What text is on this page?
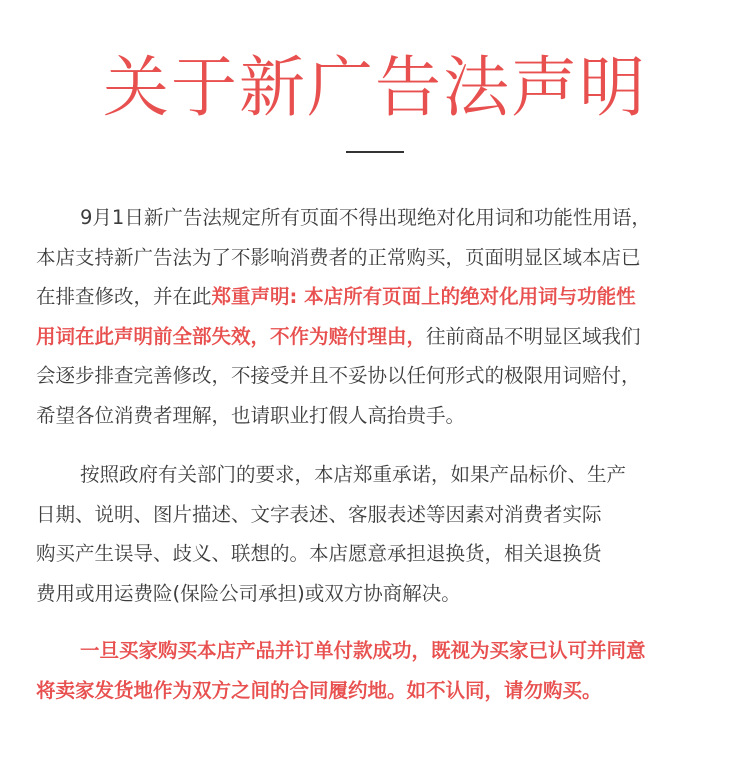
关于新广告法声明
9月1日新广告法规定所有页面不得出现绝对化用词和功能性用语，
本店支持新广告法为了不影响消费者的正常购买，页面明显区域本店已
在排查修改，并在此郑重声明: 本店所有页面上的绝对化用词与功能性
用词在此声明前全部失效，不作为赔付理由，往前商品不明显区域我们
会逐步排查完善修改，不接受并且不妥协以任何形式的极限用词赔付，
希望各位消费者理解，也请职业打假人高抬贵手。
按照政府有关部门的要求，本店郑重承诺，如果产品标价、生产
日期、说明、图片描述、文字表述、客服表述等因素对消费者实际
购买产生误导、歧义、联想的。本店愿意承担退换货，相关退换货
费用或用运费险(保险公司承担)或双方协商解决。
一旦买家购买本店产品并订单付款成功，既视为买家已认可并同意
将卖家发货地作为双方之间的合同履约地。如不认同，请勿购买。
